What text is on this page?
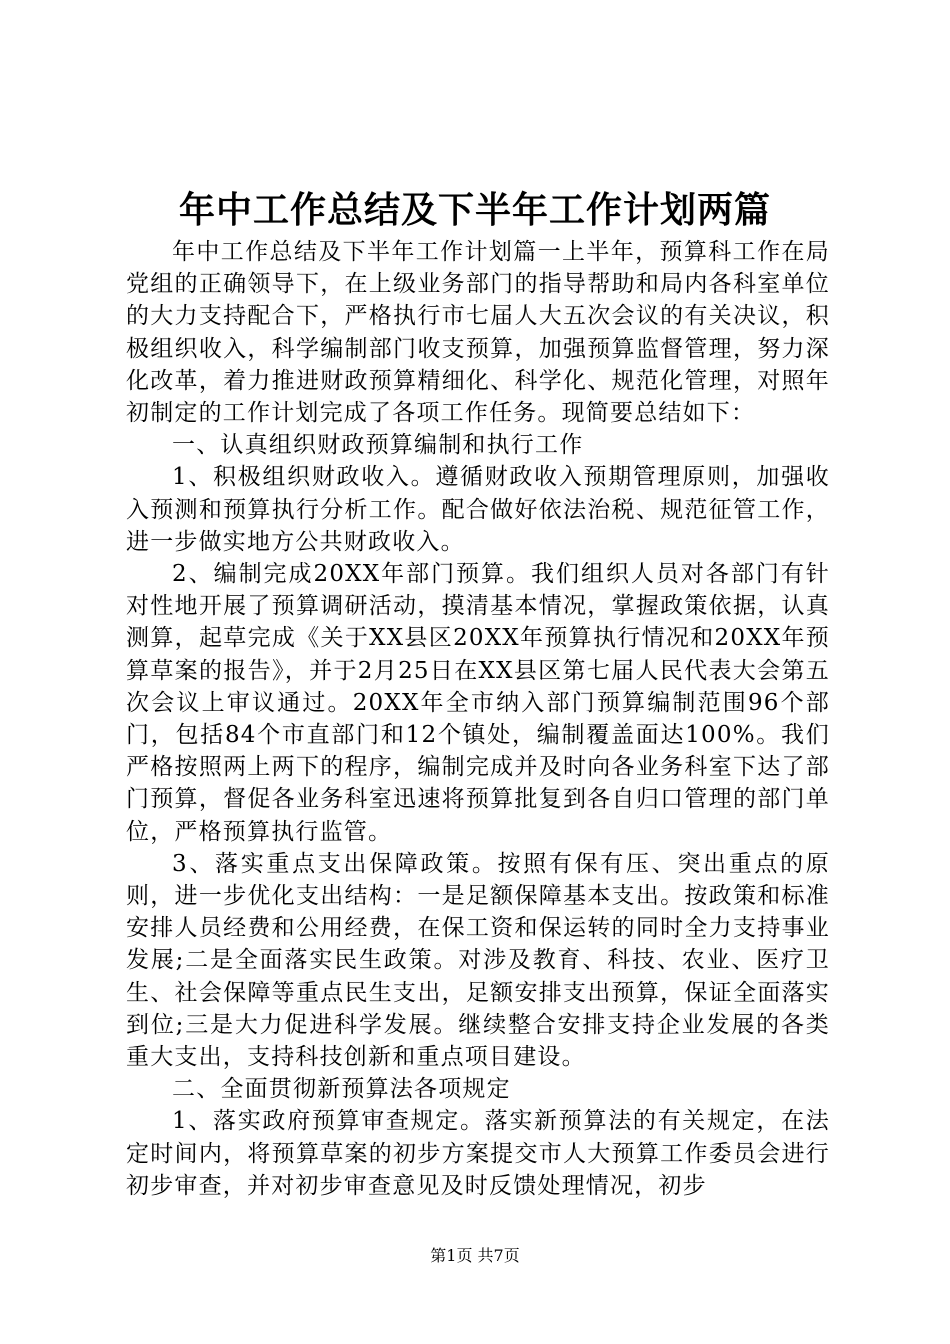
年中工作总结及下半年工作计划两篇

年中工作总结及下半年工作计划篇一上半年，预算科工作在局党组的正确领导下，在上级业务部门的指导帮助和局内各科室单位的大力支持配合下，严格执行市七届人大五次会议的有关决议，积极组织收入，科学编制部门收支预算，加强预算监督管理，努力深化改革，着力推进财政预算精细化、科学化、规范化管理，对照年初制定的工作计划完成了各项工作任务。现简要总结如下：

一、认真组织财政预算编制和执行工作

1、积极组织财政收入。遵循财政收入预期管理原则，加强收入预测和预算执行分析工作。配合做好依法治税、规范征管工作，进一步做实地方公共财政收入。

2、编制完成20XX年部门预算。我们组织人员对各部门有针对性地开展了预算调研活动，摸清基本情况，掌握政策依据，认真测算，起草完成《关于XX县区20XX年预算执行情况和20XX年预算草案的报告》，并于2月25日在XX县区第七届人民代表大会第五次会议上审议通过。20XX年全市纳入部门预算编制范围96个部门，包括84个市直部门和12个镇处，编制覆盖面达100%。我们严格按照两上两下的程序，编制完成并及时向各业务科室下达了部门预算，督促各业务科室迅速将预算批复到各自归口管理的部门单位，严格预算执行监管。

3、落实重点支出保障政策。按照有保有压、突出重点的原则，进一步优化支出结构：一是足额保障基本支出。按政策和标准安排人员经费和公用经费，在保工资和保运转的同时全力支持事业发展;二是全面落实民生政策。对涉及教育、科技、农业、医疗卫生、社会保障等重点民生支出，足额安排支出预算，保证全面落实到位;三是大力促进科学发展。继续整合安排支持企业发展的各类重大支出，支持科技创新和重点项目建设。

二、全面贯彻新预算法各项规定

1、落实政府预算审查规定。落实新预算法的有关规定，在法定时间内，将预算草案的初步方案提交市人大预算工作委员会进行初步审查，并对初步审查意见及时反馈处理情况，初步

第1页 共7页
